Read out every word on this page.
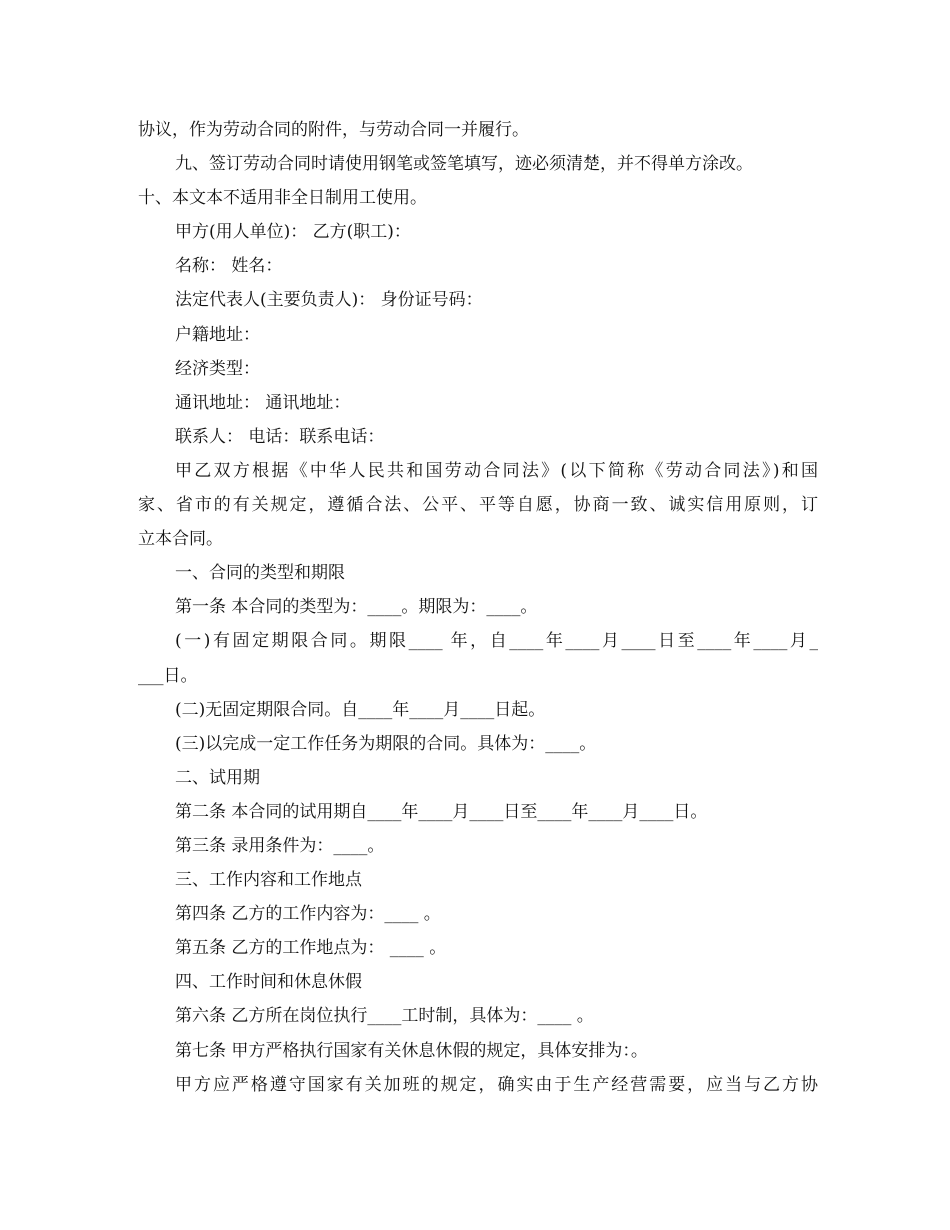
协议，作为劳动合同的附件，与劳动合同一并履行。
九、签订劳动合同时请使用钢笔或签笔填写，迹必须清楚，并不得单方涂改。
十、本文本不适用非全日制用工使用。
甲方(用人单位)： 乙方(职工)：
名称： 姓名：
法定代表人(主要负责人)： 身份证号码：
户籍地址：
经济类型：
通讯地址： 通讯地址：
联系人： 电话：联系电话：
甲乙双方根据《中华人民共和国劳动合同法》(以下简称《劳动合同法》)和国
家、省市的有关规定，遵循合法、公平、平等自愿，协商一致、诚实信用原则，订
立本合同。
一、合同的类型和期限
第一条 本合同的类型为：____。期限为：____。
(一)有固定期限合同。期限____ 年，自____年____月____日至____年____月_
___日。
(二)无固定期限合同。自____年____月____日起。
(三)以完成一定工作任务为期限的合同。具体为：____。
二、试用期
第二条 本合同的试用期自____年____月____日至____年____月____日。
第三条 录用条件为：____。
三、工作内容和工作地点
第四条 乙方的工作内容为：____ 。
第五条 乙方的工作地点为： ____ 。
四、工作时间和休息休假
第六条 乙方所在岗位执行____工时制，具体为：____ 。
第七条 甲方严格执行国家有关休息休假的规定，具体安排为：。
甲方应严格遵守国家有关加班的规定，确实由于生产经营需要，应当与乙方协
